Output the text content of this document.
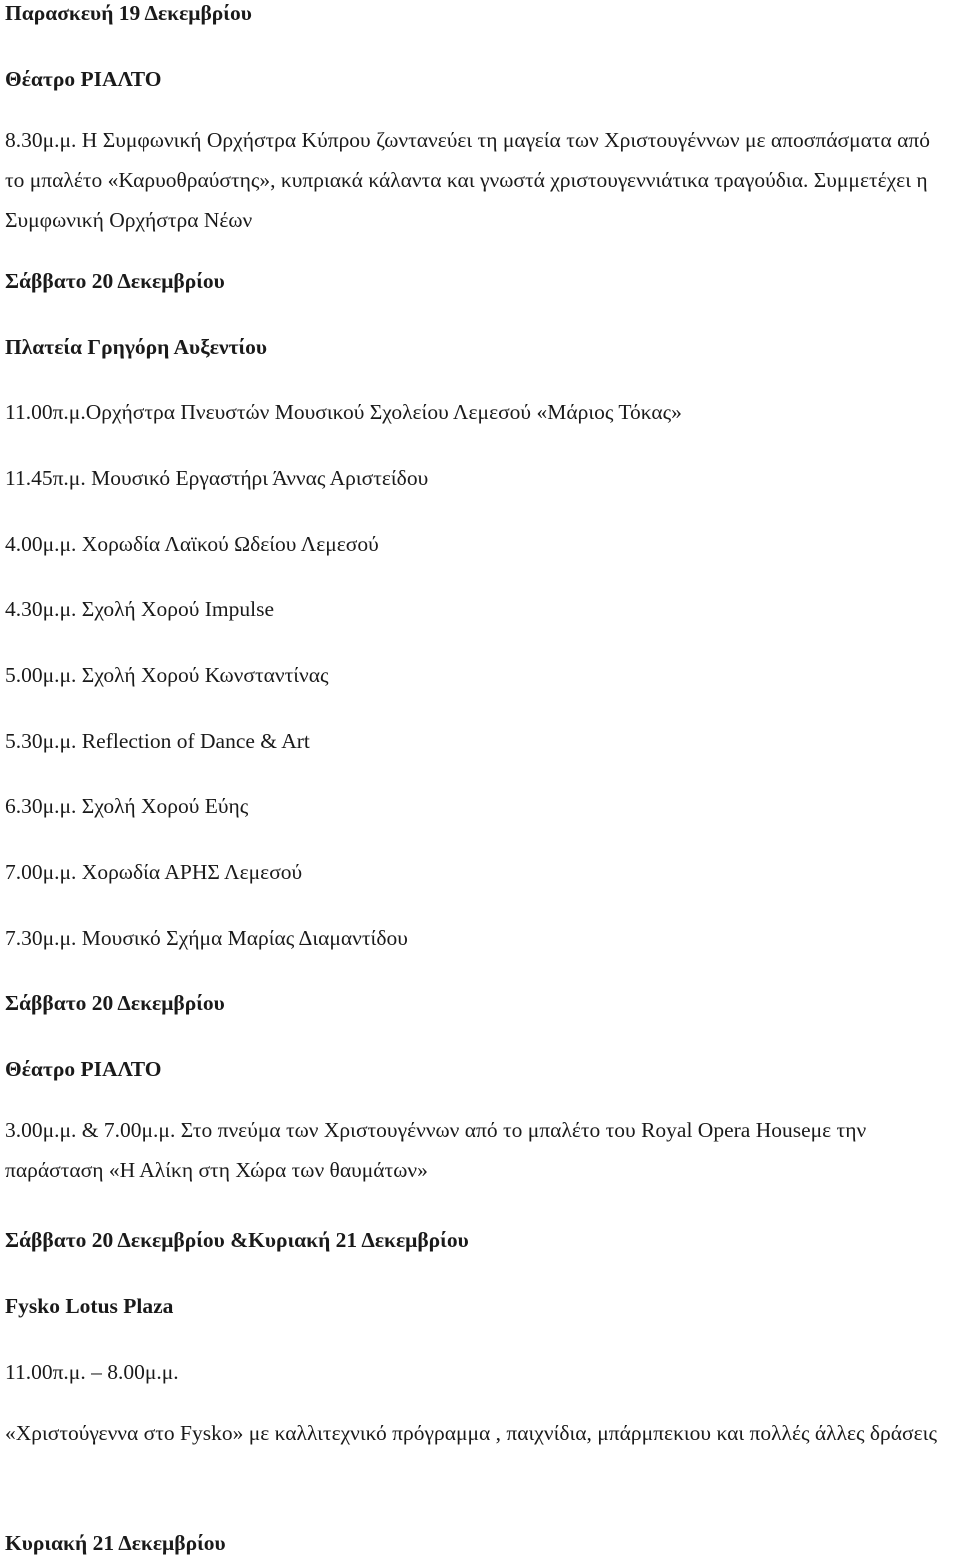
Παρασκευή 19 Δεκεμβρίου
Θέατρο ΡΙΑΛΤΟ
8.30μ.μ. Η Συμφωνική Ορχήστρα Κύπρου ζωντανεύει τη μαγεία των Χριστουγέννων με αποσπάσματα από το μπαλέτο «Καρυοθραύστης», κυπριακά κάλαντα και γνωστά χριστουγεννιάτικα τραγούδια. Συμμετέχει η Συμφωνική Ορχήστρα Νέων
Σάββατο 20 Δεκεμβρίου
Πλατεία Γρηγόρη Αυξεντίου
11.00π.μ.Ορχήστρα Πνευστών Μουσικού Σχολείου Λεμεσού «Μάριος Τόκας»
11.45π.μ. Μουσικό Εργαστήρι Άννας Αριστείδου
4.00μ.μ. Χορωδία Λαϊκού Ωδείου Λεμεσού
4.30μ.μ. Σχολή Χορού Impulse
5.00μ.μ. Σχολή Χορού Κωνσταντίνας
5.30μ.μ. Reflection of Dance & Art
6.30μ.μ. Σχολή Χορού Εύης
7.00μ.μ. Χορωδία ΑΡΗΣ Λεμεσού
7.30μ.μ. Μουσικό Σχήμα Μαρίας Διαμαντίδου
Σάββατο 20 Δεκεμβρίου
Θέατρο ΡΙΑΛΤΟ
3.00μ.μ. & 7.00μ.μ. Στο πνεύμα των Χριστουγέννων από το μπαλέτο του Royal Opera Houseμε την παράσταση «Η Αλίκη στη Χώρα των θαυμάτων»
Σάββατο 20 Δεκεμβρίου &Κυριακή 21 Δεκεμβρίου
Fysko Lotus Plaza
11.00π.μ. – 8.00μ.μ.
«Χριστούγεννα στο Fysko» με καλλιτεχνικό πρόγραμμα , παιχνίδια, μπάρμπεκιου και πολλές άλλες δράσεις
Κυριακή 21 Δεκεμβρίου
